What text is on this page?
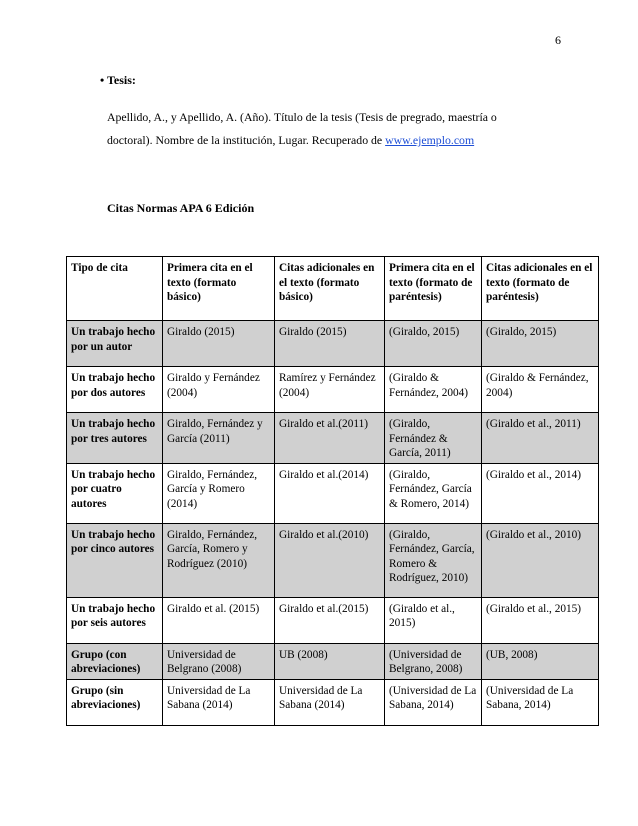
6
• Tesis:
Apellido, A., y Apellido, A. (Año). Título de la tesis (Tesis de pregrado, maestría o
doctoral). Nombre de la institución, Lugar. Recuperado de www.ejemplo.com
Citas Normas APA 6 Edición
Tipo de cita	Primera cita en el texto (formato básico)	Citas adicionales en el texto (formato básico)	Primera cita en el texto (formato de paréntesis)	Citas adicionales en el texto (formato de paréntesis)
Un trabajo hecho por un autor	Giraldo (2015)	Giraldo (2015)	(Giraldo, 2015)	(Giraldo, 2015)
Un trabajo hecho por dos autores	Giraldo y Fernández (2004)	Ramírez y Fernández (2004)	(Giraldo & Fernández, 2004)	(Giraldo & Fernández, 2004)
Un trabajo hecho por tres autores	Giraldo, Fernández y García (2011)	Giraldo et al.(2011)	(Giraldo, Fernández & García, 2011)	(Giraldo et al., 2011)
Un trabajo hecho por cuatro autores	Giraldo, Fernández, García y Romero (2014)	Giraldo et al.(2014)	(Giraldo, Fernández, García & Romero, 2014)	(Giraldo et al., 2014)
Un trabajo hecho por cinco autores	Giraldo, Fernández, García, Romero y Rodríguez (2010)	Giraldo et al.(2010)	(Giraldo, Fernández, García, Romero & Rodríguez, 2010)	(Giraldo et al., 2010)
Un trabajo hecho por seis autores	Giraldo et al. (2015)	Giraldo et al.(2015)	(Giraldo et al., 2015)	(Giraldo et al., 2015)
Grupo (con abreviaciones)	Universidad de Belgrano (2008)	UB (2008)	(Universidad de Belgrano, 2008)	(UB, 2008)
Grupo (sin abreviaciones)	Universidad de La Sabana (2014)	Universidad de La Sabana (2014)	(Universidad de La Sabana, 2014)	(Universidad de La Sabana, 2014)
